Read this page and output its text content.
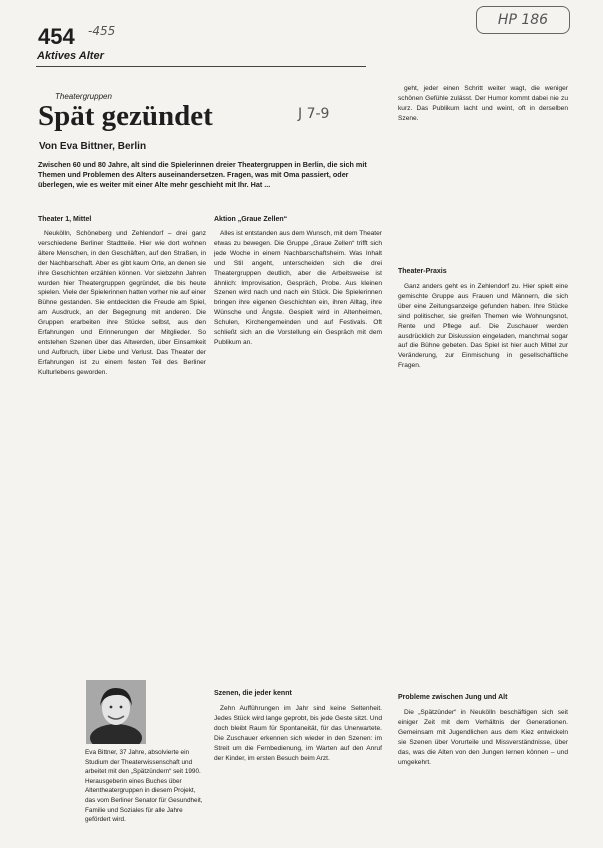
454 -455
Aktives Alter
HP 186
Theatergruppen
Spät gezündet	J 7-9
Von Eva Bittner, Berlin
Zwischen 60 und 80 Jahre, alt sind die Spielerinnen dreier Theatergruppen in Berlin, die sich mit Themen und Problemen des Alters auseinandersetzen. Fragen, was mit Oma passiert, oder überlegen, wie es weiter mit einer Alte mehr geschieht mit Ihr. Hat ...
Theater 1, Mittel

Neukölln, Schöneberg und Zehlendorf – drei ganz verschiedene Berliner Stadtteile. Hier wie dort wohnen ältere Menschen, in den Geschäften, auf den Straßen, in der Nachbarschaft. Aber es gibt kaum Orte, an denen sie ihre Geschichten erzählen können. Vor siebzehn Jahren wurden hier Theatergruppen gegründet, die bis heute spielen. Viele der Spielerinnen hatten vorher nie auf einer Bühne gestanden. Sie entdeckten die Freude am Spiel, am Ausdruck, an der Begegnung mit anderen. Die Gruppen erarbeiten ihre Stücke selbst, aus den Erfahrungen und Erinnerungen der Mitglieder. So entstehen Szenen über das Altwerden, über Einsamkeit und Aufbruch, über Liebe und Verlust. Das Theater der Erfahrungen ist zu einem festen Teil des Berliner Kulturlebens geworden.

Eva Bittner, 37 Jahre, absolvierte ein Studium der Theaterwissenschaft und arbeitet mit den „Spätzündern“ seit 1990. Herausgeberin eines Buches über Altentheatergruppen in diesem Projekt, das vom Berliner Senator für Gesundheit, Familie und Soziales für alle Jahre gefördert wird.
Aktion „Graue Zellen“

Alles ist entstanden aus dem Wunsch, mit dem Theater etwas zu bewegen. Die Gruppe „Graue Zellen“ trifft sich jede Woche in einem Nachbarschaftsheim. Was Inhalt und Stil angeht, unterscheiden sich die drei Theatergruppen deutlich, aber die Arbeitsweise ist ähnlich: Improvisation, Gespräch, Probe. Aus kleinen Szenen wird nach und nach ein Stück. Die Spielerinnen bringen ihre eigenen Geschichten ein, ihren Alltag, ihre Wünsche und Ängste. Gespielt wird in Altenheimen, Schulen, Kirchengemeinden und auf Festivals. Oft schließt sich an die Vorstellung ein Gespräch mit dem Publikum an.

Szenen, die jeder kennt

Zehn Aufführungen im Jahr sind keine Seltenheit. Jedes Stück wird lange geprobt, bis jede Geste sitzt. Und doch bleibt Raum für Spontaneität, für das Unerwartete. Die Zuschauer erkennen sich wieder in den Szenen: im Streit um die Fernbedienung, im Warten auf den Anruf der Kinder, im ersten Besuch beim Arzt.

geht, jeder einen Schritt weiter wagt, die weniger schönen Gefühle zulässt. Der Humor kommt dabei nie zu kurz. Das Publikum lacht und weint, oft in derselben Szene.

Theater-Praxis

Ganz anders geht es in Zehlendorf zu. Hier spielt eine gemischte Gruppe aus Frauen und Männern, die sich über eine Zeitungsanzeige gefunden haben. Ihre Stücke sind politischer, sie greifen Themen wie Wohnungsnot, Rente und Pflege auf. Die Zuschauer werden ausdrücklich zur Diskussion eingeladen, manchmal sogar auf die Bühne gebeten. Das Spiel ist hier auch Mittel zur Veränderung, zur Einmischung in gesellschaftliche Fragen.

Probleme zwischen Jung und Alt

Die „Spätzünder“ in Neukölln beschäftigen sich seit einiger Zeit mit dem Verhältnis der Generationen. Gemeinsam mit Jugendlichen aus dem Kiez entwickeln sie Szenen über Vorurteile und Missverständnisse, über das, was die Alten von den Jungen lernen können – und umgekehrt.
